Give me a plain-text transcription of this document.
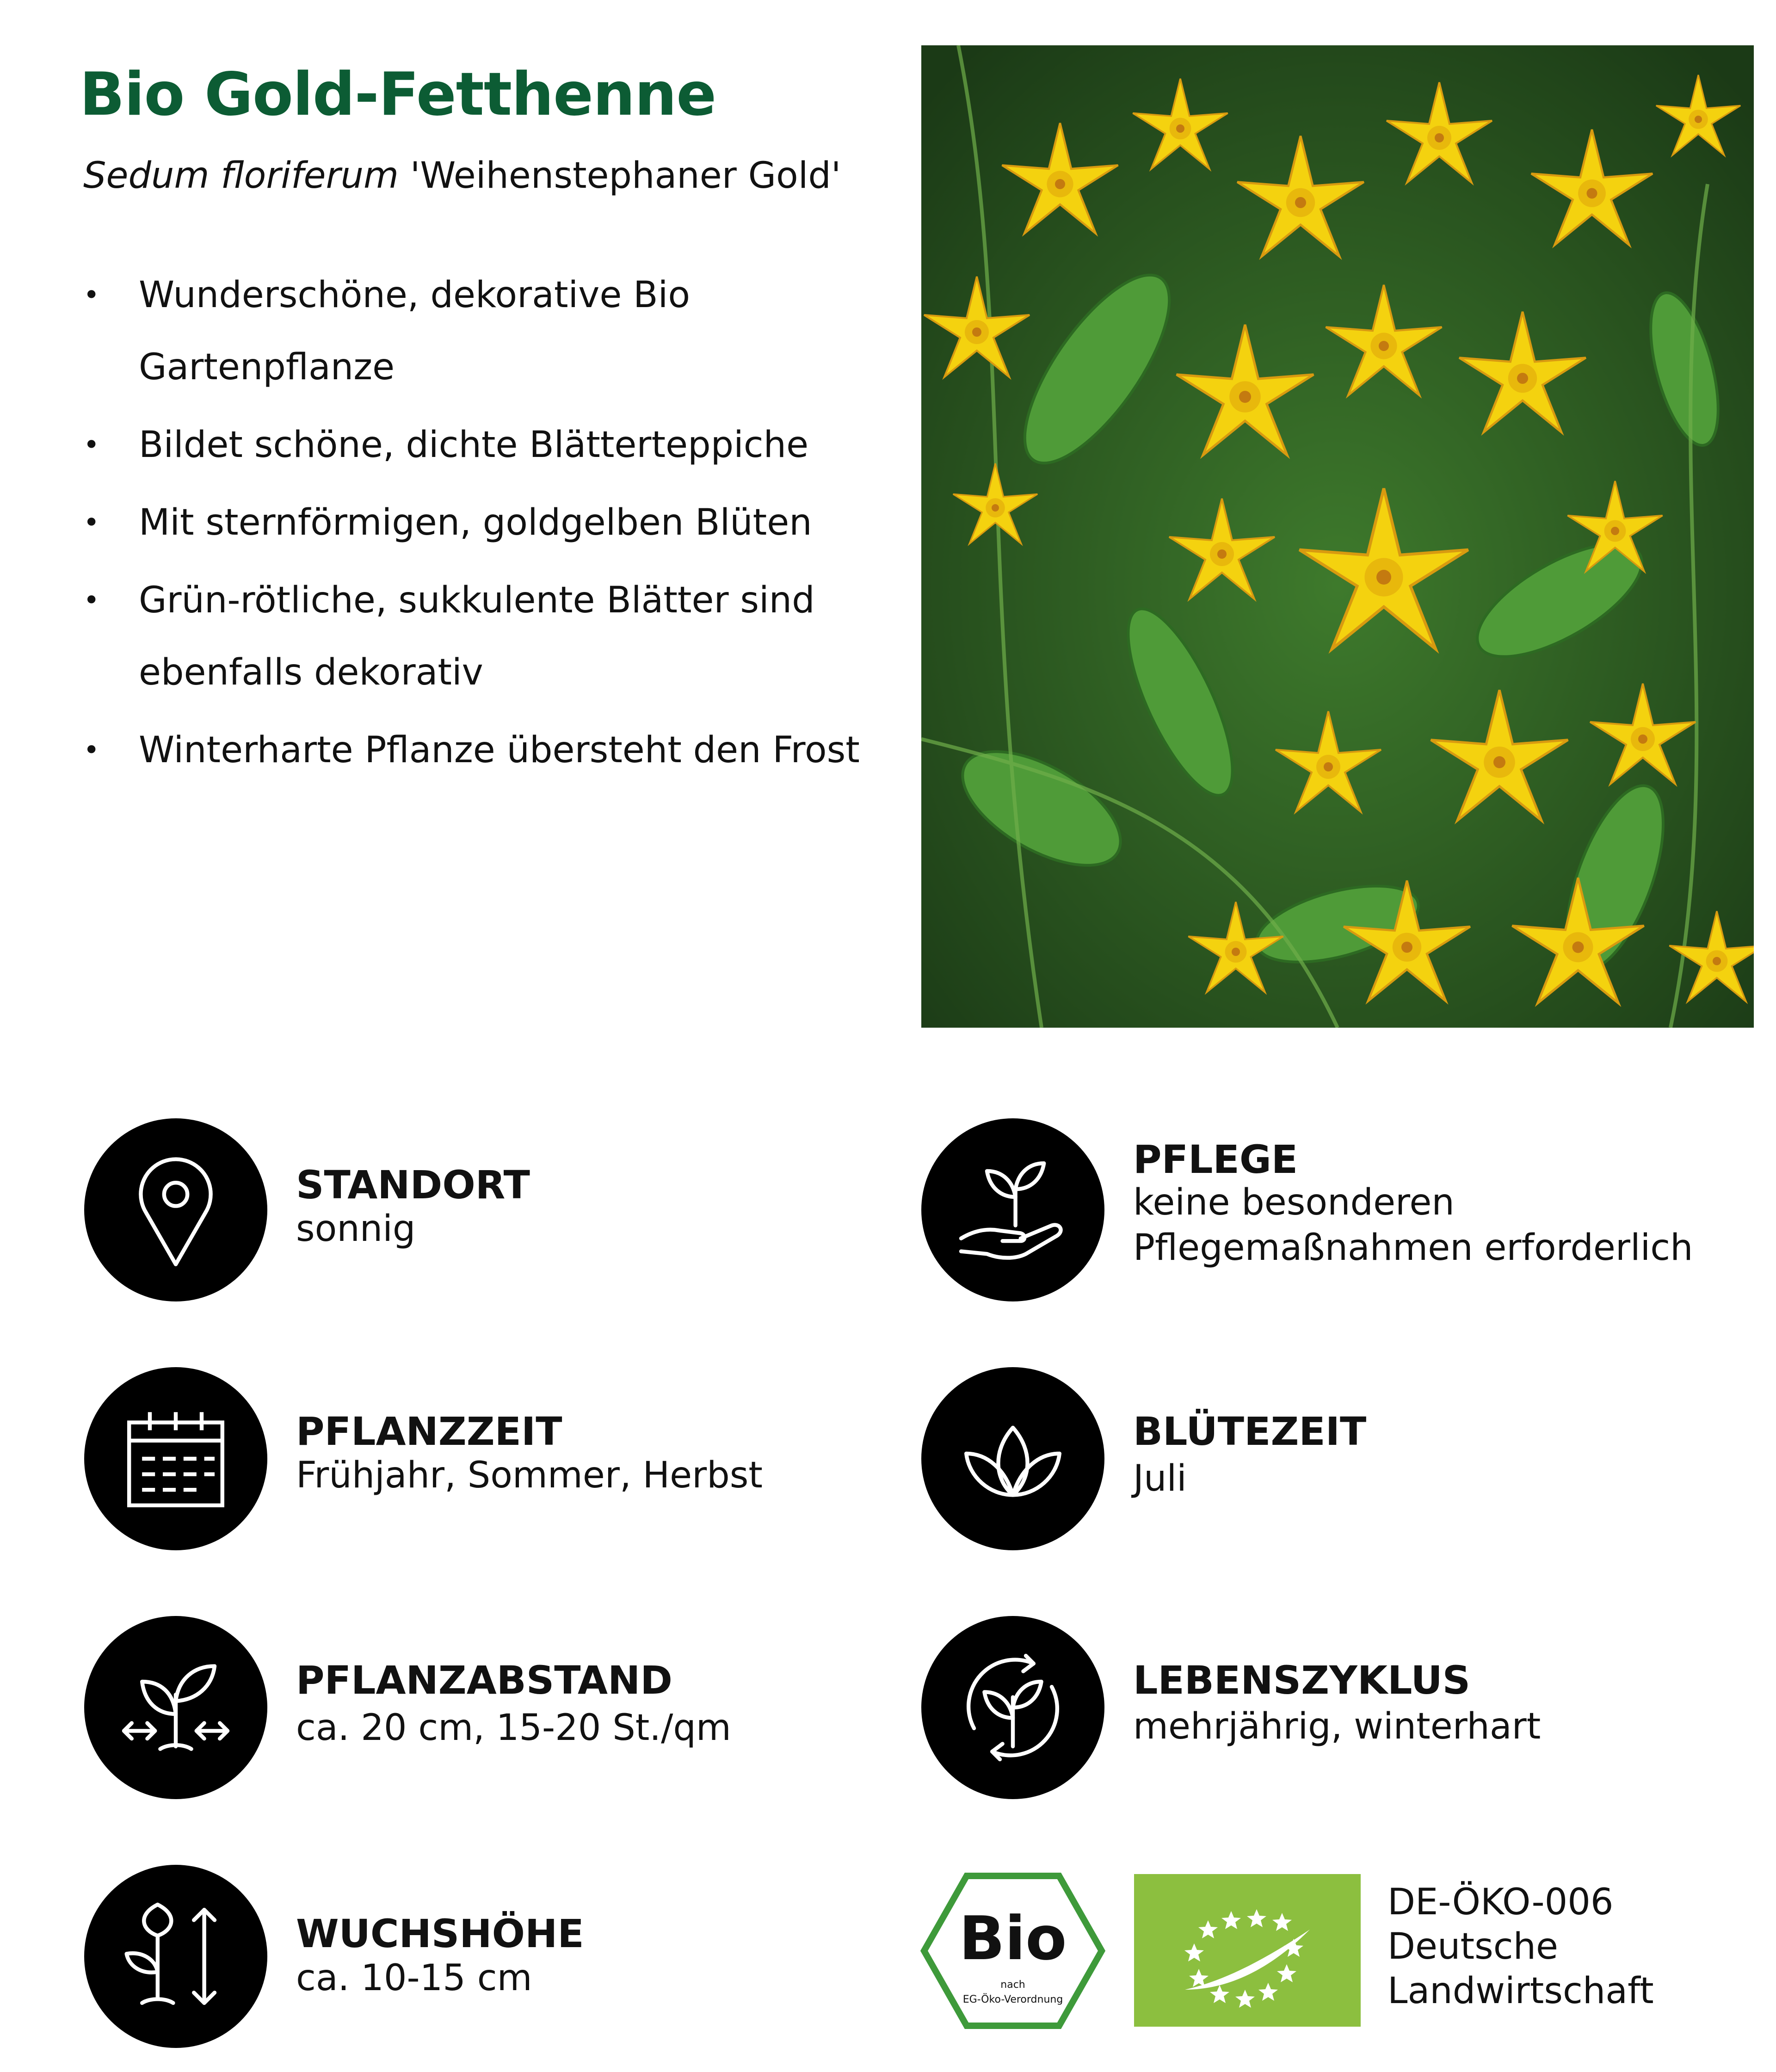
Bio Gold-Fetthenne
Sedum floriferum 'Weihenstephaner Gold'
• Wunderschöne, dekorative Bio
Gartenpflanze
• Bildet schöne, dichte Blätterteppiche
• Mit sternförmigen, goldgelben Blüten
• Grün-rötliche, sukkulente Blätter sind
ebenfalls dekorativ
• Winterharte Pflanze übersteht den Frost
STANDORT
sonnig
PFLANZZEIT
Frühjahr, Sommer, Herbst
PFLANZABSTAND
ca. 20 cm, 15-20 St./qm
WUCHSHÖHE
ca. 10-15 cm
PFLEGE
keine besonderen
Pflegemaßnahmen erforderlich
BLÜTEZEIT
Juli
LEBENSZYKLUS
mehrjährig, winterhart
Bio
nach
EG-Öko-Verordnung
DE-ÖKO-006
Deutsche
Landwirtschaft
